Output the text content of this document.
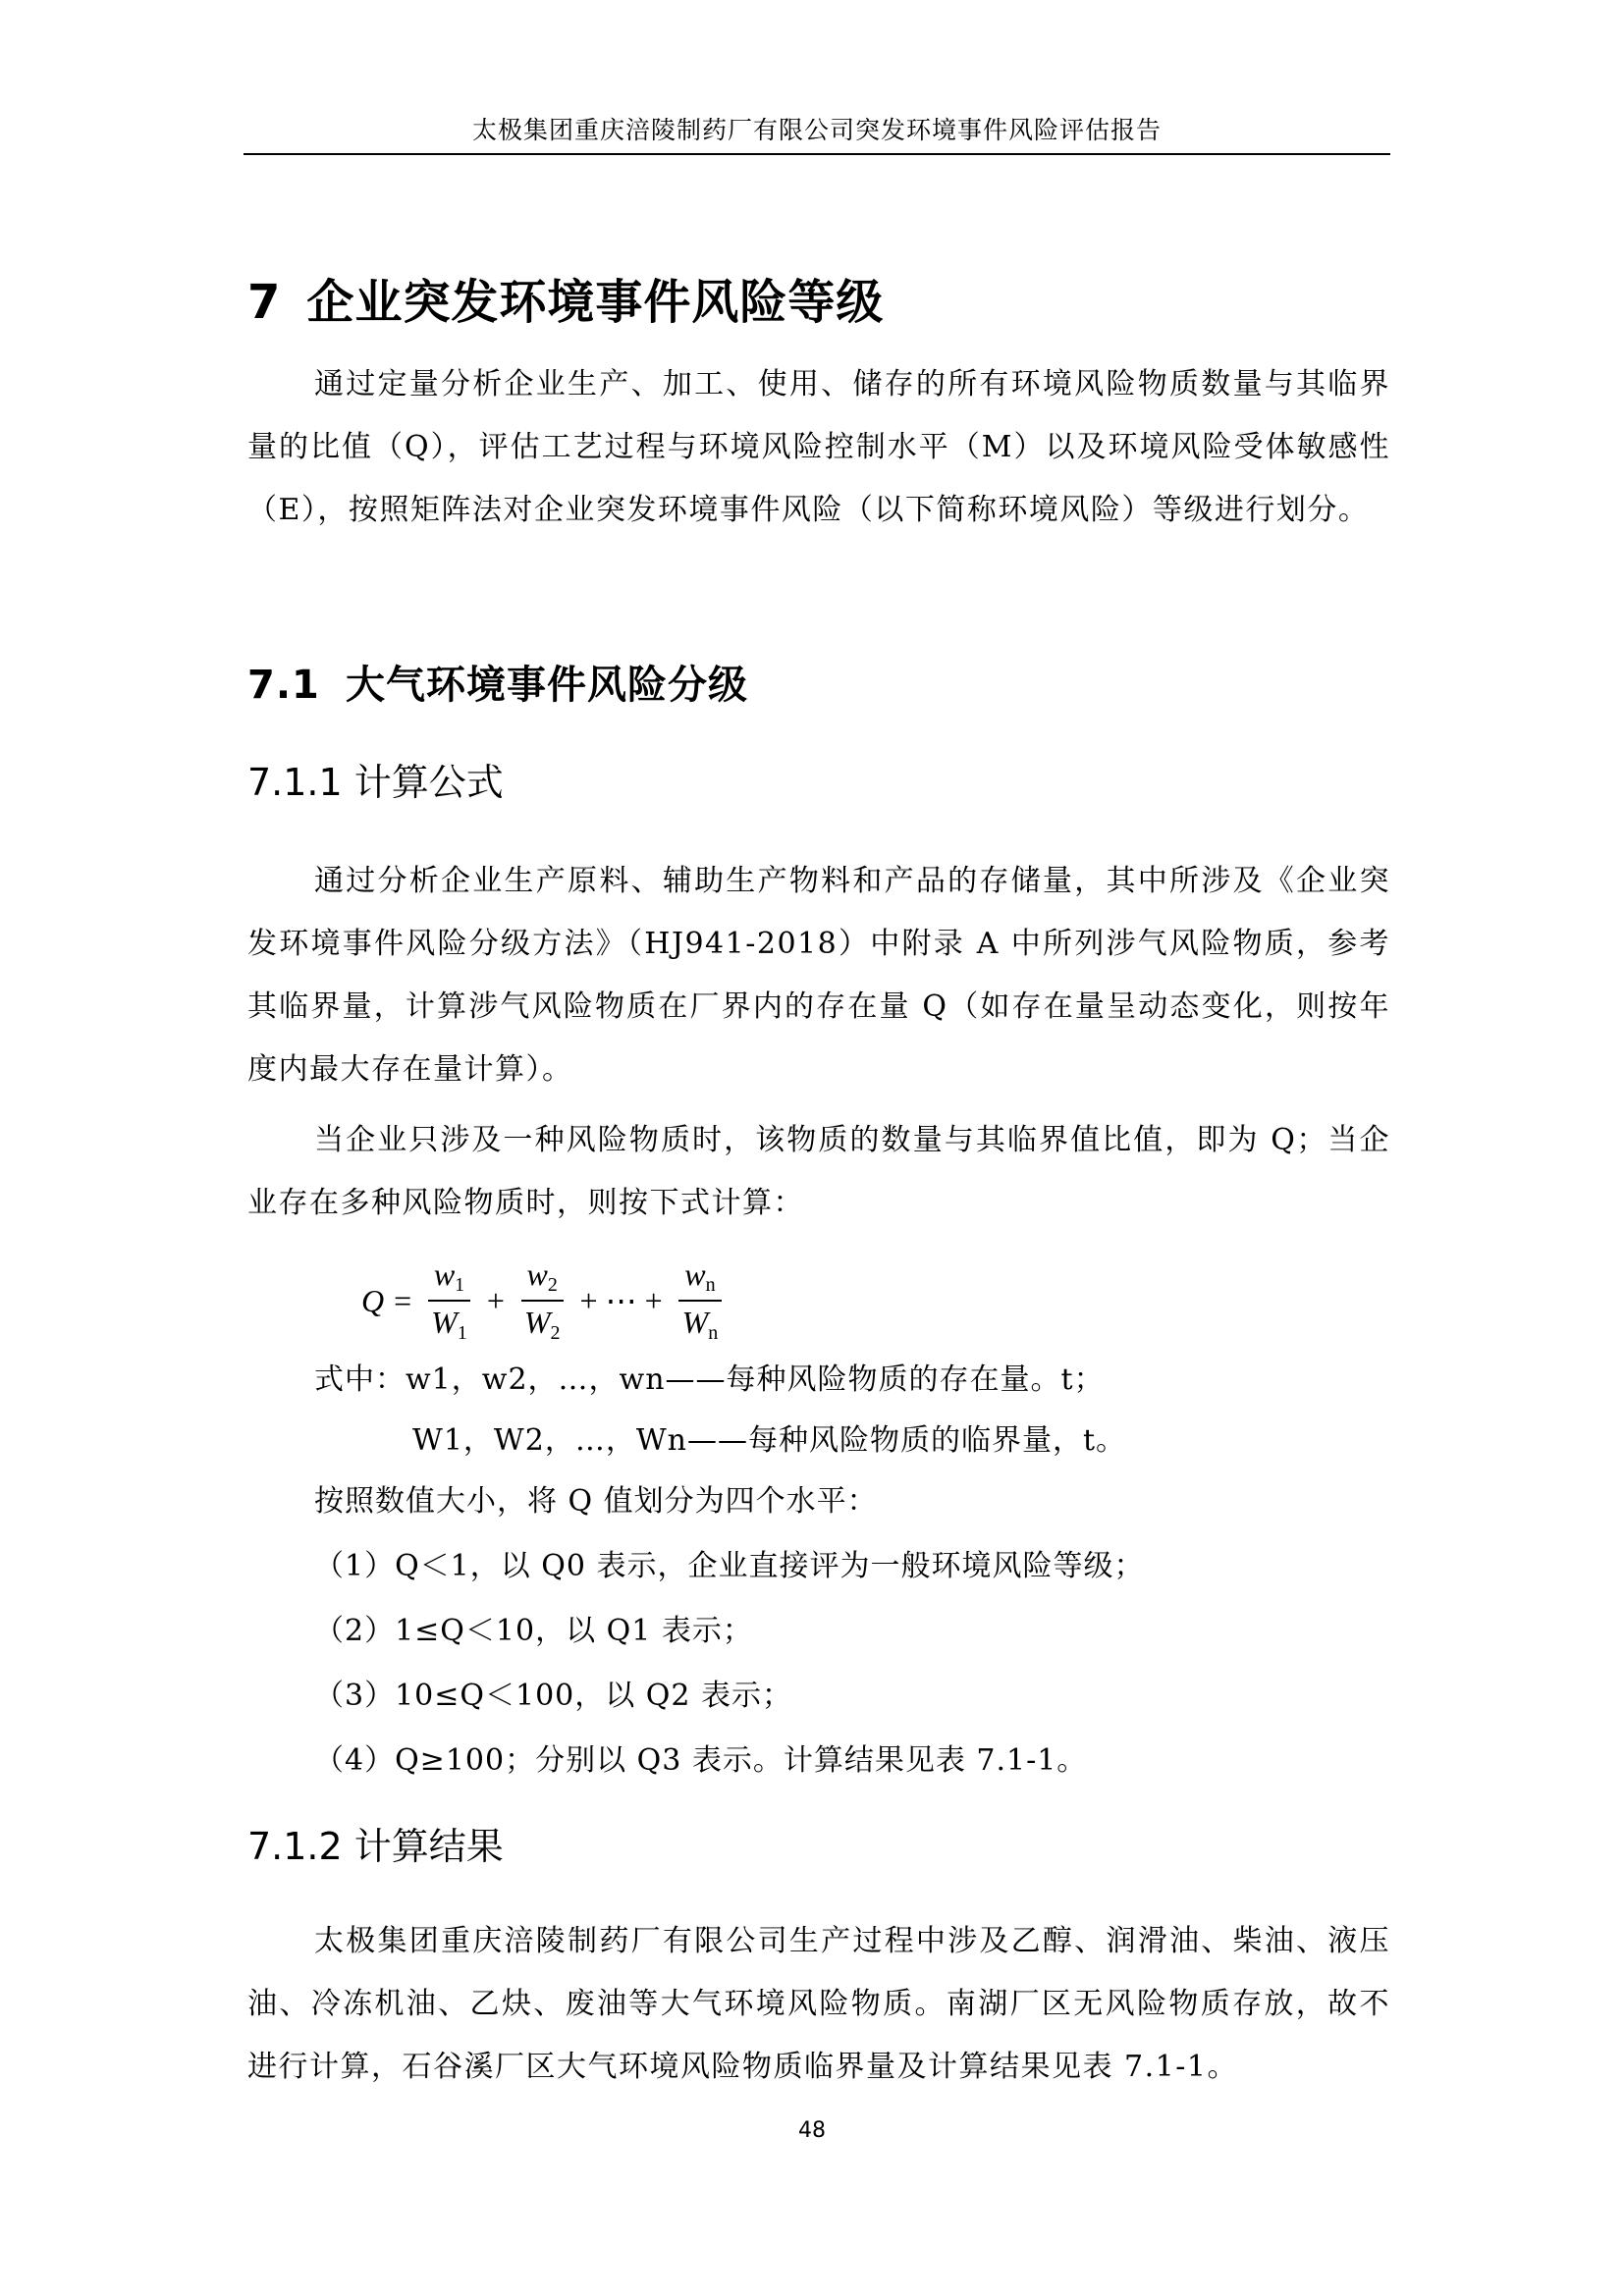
太极集团重庆涪陵制药厂有限公司突发环境事件风险评估报告
7 企业突发环境事件风险等级
通过定量分析企业生产、加工、使用、储存的所有环境风险物质数量与其临界量的比值（Q），评估工艺过程与环境风险控制水平（M）以及环境风险受体敏感性（E），按照矩阵法对企业突发环境事件风险（以下简称环境风险）等级进行划分。
7.1 大气环境事件风险分级
7.1.1 计算公式
通过分析企业生产原料、辅助生产物料和产品的存储量，其中所涉及《企业突发环境事件风险分级方法》（HJ941-2018）中附录 A 中所列涉气风险物质，参考其临界量，计算涉气风险物质在厂界内的存在量 Q（如存在量呈动态变化，则按年度内最大存在量计算）。
当企业只涉及一种风险物质时，该物质的数量与其临界值比值，即为 Q；当企业存在多种风险物质时，则按下式计算：
$Q = \frac{w_1}{W_1} + \frac{w_2}{W_2}$ + ⋯ + $\frac{w_n}{W_n}$
式中：w1，w2，…，wn——每种风险物质的存在量。t；
W1，W2，…，Wn——每种风险物质的临界量，t。
按照数值大小，将 Q 值划分为四个水平：
（1）Q＜1，以 Q0 表示，企业直接评为一般环境风险等级；
（2）1≤Q＜10，以 Q1 表示；
（3）10≤Q＜100，以 Q2 表示；
（4）Q≥100；分别以 Q3 表示。计算结果见表 7.1-1。
7.1.2 计算结果
太极集团重庆涪陵制药厂有限公司生产过程中涉及乙醇、润滑油、柴油、液压油、冷冻机油、乙炔、废油等大气环境风险物质。南湖厂区无风险物质存放，故不进行计算，石谷溪厂区大气环境风险物质临界量及计算结果见表 7.1-1。
48
